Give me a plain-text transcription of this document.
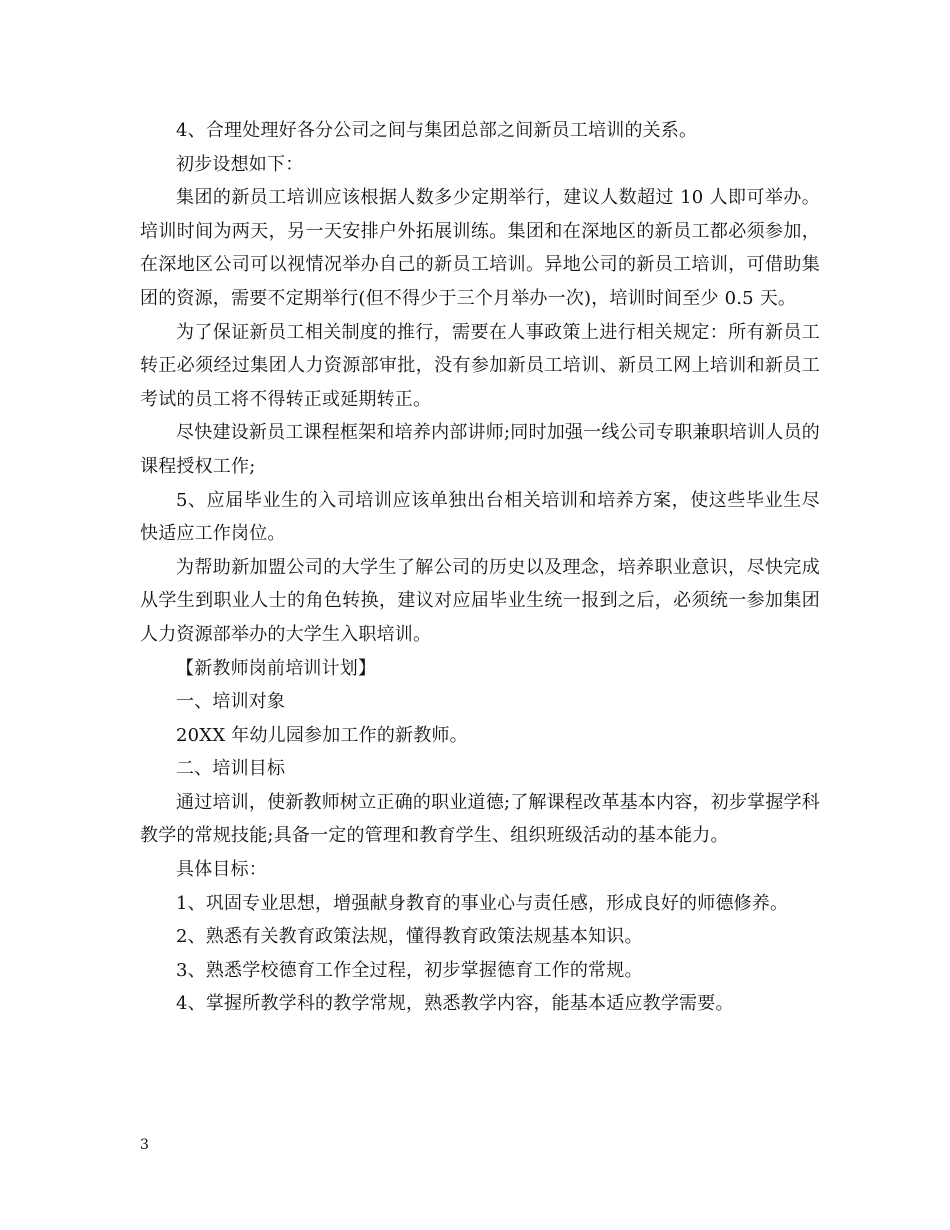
4、合理处理好各分公司之间与集团总部之间新员工培训的关系。

初步设想如下：

集团的新员工培训应该根据人数多少定期举行，建议人数超过 10 人即可举办。培训时间为两天，另一天安排户外拓展训练。集团和在深地区的新员工都必须参加，在深地区公司可以视情况举办自己的新员工培训。异地公司的新员工培训，可借助集团的资源，需要不定期举行(但不得少于三个月举办一次)，培训时间至少 0.5 天。

为了保证新员工相关制度的推行，需要在人事政策上进行相关规定：所有新员工转正必须经过集团人力资源部审批，没有参加新员工培训、新员工网上培训和新员工考试的员工将不得转正或延期转正。

尽快建设新员工课程框架和培养内部讲师;同时加强一线公司专职兼职培训人员的课程授权工作;

5、应届毕业生的入司培训应该单独出台相关培训和培养方案，使这些毕业生尽快适应工作岗位。

为帮助新加盟公司的大学生了解公司的历史以及理念，培养职业意识，尽快完成从学生到职业人士的角色转换，建议对应届毕业生统一报到之后，必须统一参加集团人力资源部举办的大学生入职培训。

【新教师岗前培训计划】

一、培训对象

20XX 年幼儿园参加工作的新教师。

二、培训目标

通过培训，使新教师树立正确的职业道德;了解课程改革基本内容，初步掌握学科教学的常规技能;具备一定的管理和教育学生、组织班级活动的基本能力。

具体目标：

1、巩固专业思想，增强献身教育的事业心与责任感，形成良好的师德修养。

2、熟悉有关教育政策法规，懂得教育政策法规基本知识。

3、熟悉学校德育工作全过程，初步掌握德育工作的常规。

4、掌握所教学科的教学常规，熟悉教学内容，能基本适应教学需要。

3
